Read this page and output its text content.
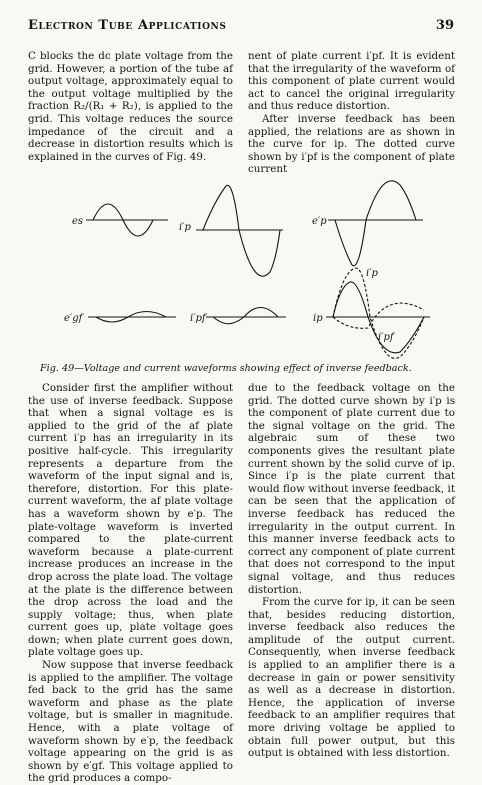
Electron Tube Applications	39

C blocks the dc plate voltage from the grid. However, a portion of the tube af output voltage, approximately equal to the output voltage multiplied by the fraction R₂/(R₁ + R₂), is applied to the grid. This voltage reduces the source impedance of the circuit and a decrease in distortion results which is explained in the curves of Fig. 49.

nent of plate current i′pf. It is evident that the irregularity of the waveform of this component of plate current would act to cancel the original irregularity and thus reduce distortion.

After inverse feedback has been applied, the relations are as shown in the curve for ip. The dotted curve shown by i′pf is the component of plate current

es
i′p
e′p
i′p
e′gf	i′pf	ip
i′pf
Fig. 49—Voltage and current waveforms showing effect of inverse feedback.

Consider first the amplifier without the use of inverse feedback. Suppose that when a signal voltage es is applied to the grid of the af plate current i′p has an irregularity in its positive half-cycle. This irregularity represents a departure from the waveform of the input signal and is, therefore, distortion. For this plate-current waveform, the af plate voltage has a waveform shown by e′p. The plate-voltage waveform is inverted compared to the plate-current waveform because a plate-current increase produces an increase in the drop across the plate load. The voltage at the plate is the difference between the drop across the load and the supply voltage; thus, when plate current goes up, plate voltage goes down; when plate current goes down, plate voltage goes up.

Now suppose that inverse feedback is applied to the amplifier. The voltage fed back to the grid has the same waveform and phase as the plate voltage, but is smaller in magnitude. Hence, with a plate voltage of waveform shown by e′p, the feedback voltage appearing on the grid is as shown by e′gf. This voltage applied to the grid produces a compo-

due to the feedback voltage on the grid. The dotted curve shown by i′p is the component of plate current due to the signal voltage on the grid. The algebraic sum of these two components gives the resultant plate current shown by the solid curve of ip. Since i′p is the plate current that would flow without inverse feedback, it can be seen that the application of inverse feedback has reduced the irregularity in the output current. In this manner inverse feedback acts to correct any component of plate current that does not correspond to the input signal voltage, and thus reduces distortion.

From the curve for ip, it can be seen that, besides reducing distortion, inverse feedback also reduces the amplitude of the output current. Consequently, when inverse feedback is applied to an amplifier there is a decrease in gain or power sensitivity as well as a decrease in distortion. Hence, the application of inverse feedback to an amplifier requires that more driving voltage be applied to obtain full power output, but this output is obtained with less distortion.
